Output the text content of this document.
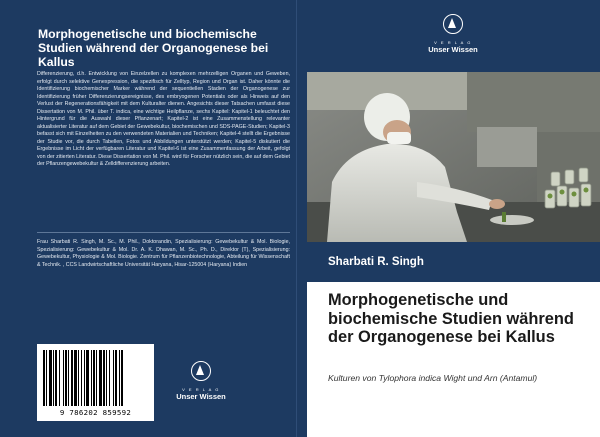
Morphogenetische und biochemische Studien während der Organogenese bei Kallus
Differenzierung, d.h. Entwicklung von Einzelzellen zu komplexen mehrzelligen Organen und Geweben, erfolgt durch selektive Genexpression, die spezifisch für Zelltyp, Region und Organ ist. Daher könnte die Identifizierung biochemischer Marker während der sequentiellen Stadien der Organogenese zur Identifizierung früher Differenzierungsereignisse, des embryogenen Potentials oder als Hinweis auf den Verlust der Regenerationsfähigkeit mit dem Kulturalter dienen. Angesichts dieser Tatsachen umfasst diese Dissertation von M. Phil. über T. indica, eine wichtige Heilpflanze, sechs Kapitel: Kapitel-1 beleuchtet den Hintergrund für die Auswahl dieser Pflanzenart; Kapitel-2 ist eine Zusammenstellung relevanter aktualisierter Literatur auf dem Gebiet der Gewebekultur, biochemischen und SDS-PAGE-Studien; Kapitel-3 befasst sich mit Einzelheiten zu den verwendeten Materialien und Techniken; Kapitel-4 stellt die Ergebnisse der Studie vor, die durch Tabellen, Fotos und Abbildungen unterstützt werden; Kapitel-5 diskutiert die Ergebnisse im Licht der verfügbaren Literatur und Kapitel-6 ist eine Zusammenfassung der Arbeit, gefolgt von der zitierten Literatur. Diese Dissertation von M. Phil. wird für Forscher nützlich sein, die auf dem Gebiet der Pflanzengewebekultur & Zelldifferenzierung arbeiten.
Frau Sharbati R. Singh, M. Sc., M. Phil., Doktorandin, Spezialisierung: Gewebekultur & Mol. Biologie, Spezialisierung: Gewebekultur & Mol. Dr. A. K. Dhawan, M. Sc., Ph. D., Direktor (T), Spezialisierung: Gewebekultur, Physiologie & Mol. Biologie. Zentrum für Pflanzenbiotechnologie, Abteilung für Wissenschaft & Technik. , CCS Landwirtschaftliche Universität Haryana, Hisar-125004 (Haryana) Indien
9 786202 859592
V E R L A G
Unser Wissen
V E R L A G
Unser Wissen
Sharbati R. Singh
Morphogenetische und biochemische Studien während der Organogenese bei Kallus
Kulturen von Tylophora indica Wight und Arn (Antamul)
